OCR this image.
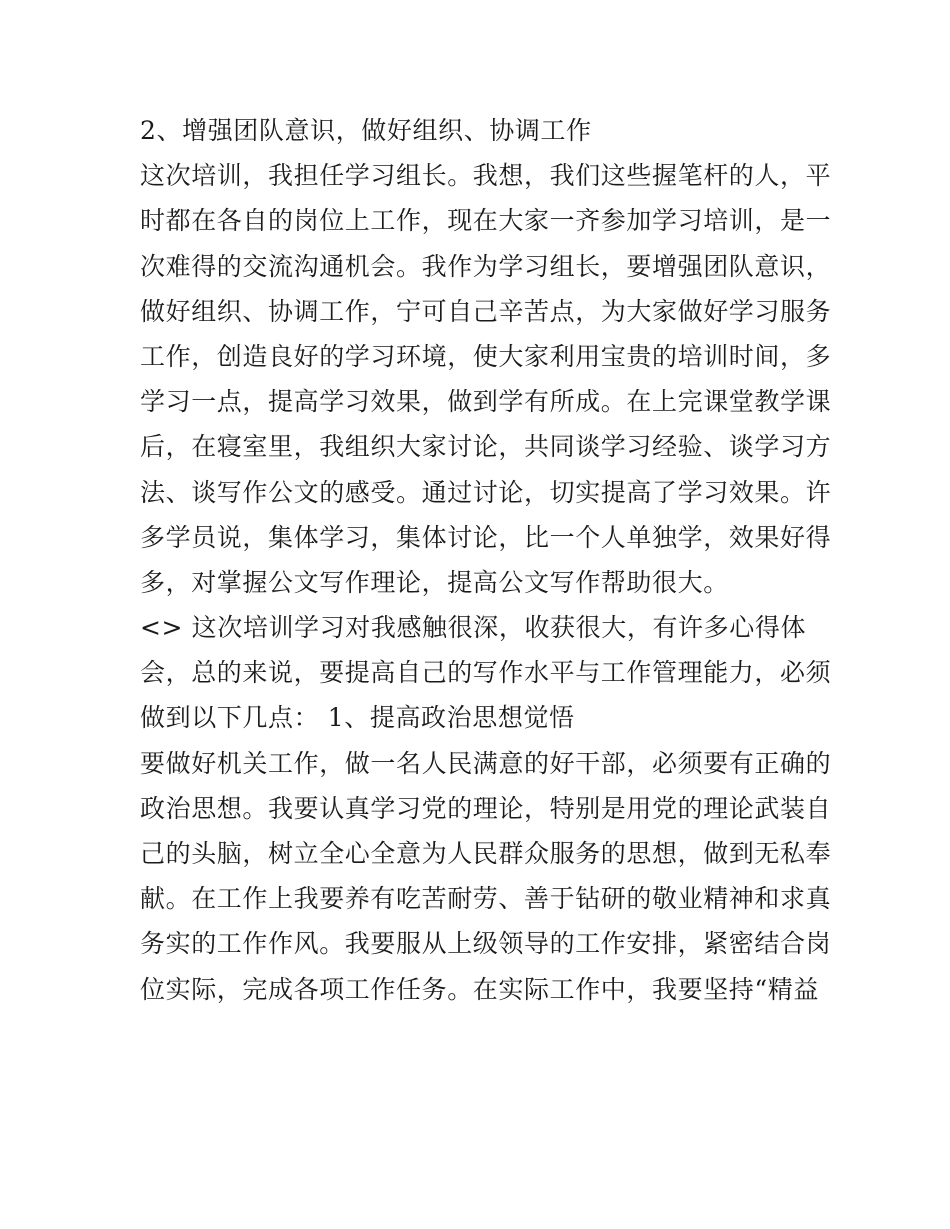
2、增强团队意识，做好组织、协调工作
这次培训，我担任学习组长。我想，我们这些握笔杆的人，平
时都在各自的岗位上工作，现在大家一齐参加学习培训，是一
次难得的交流沟通机会。我作为学习组长，要增强团队意识，
做好组织、协调工作，宁可自己辛苦点，为大家做好学习服务
工作，创造良好的学习环境，使大家利用宝贵的培训时间，多
学习一点，提高学习效果，做到学有所成。在上完课堂教学课
后，在寝室里，我组织大家讨论，共同谈学习经验、谈学习方
法、谈写作公文的感受。通过讨论，切实提高了学习效果。许
多学员说，集体学习，集体讨论，比一个人单独学，效果好得
多，对掌握公文写作理论，提高公文写作帮助很大。
<> 这次培训学习对我感触很深，收获很大，有许多心得体
会，总的来说，要提高自己的写作水平与工作管理能力，必须
做到以下几点： 1、提高政治思想觉悟
要做好机关工作，做一名人民满意的好干部，必须要有正确的
政治思想。我要认真学习党的理论，特别是用党的理论武装自
己的头脑，树立全心全意为人民群众服务的思想，做到无私奉
献。在工作上我要养有吃苦耐劳、善于钻研的敬业精神和求真
务实的工作作风。我要服从上级领导的工作安排，紧密结合岗
位实际，完成各项工作任务。在实际工作中，我要坚持“精益
